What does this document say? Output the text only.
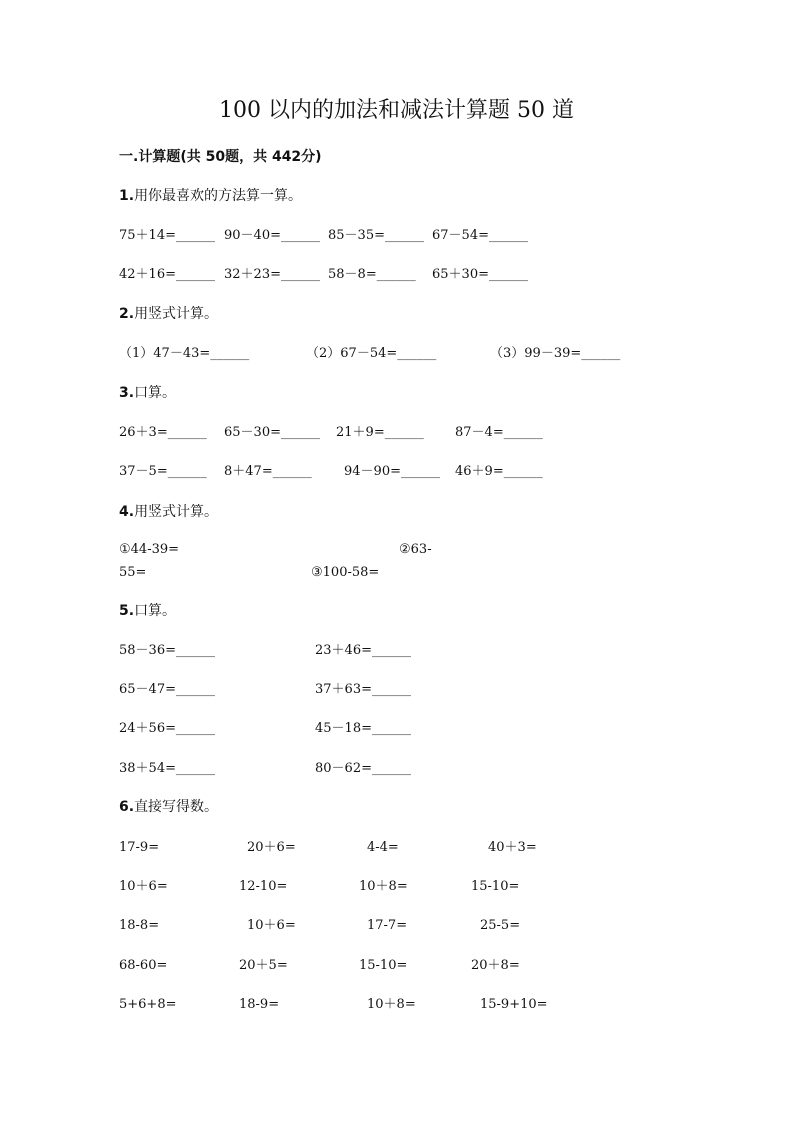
100 以内的加法和减法计算题 50 道
一.计算题(共 50题，共 442分)
1.用你最喜欢的方法算一算。
75＋14=______ 90－40=______ 85－35=______ 67－54=______
42＋16=______ 32＋23=______ 58－8=______ 65＋30=______
2.用竖式计算。
（1）47－43=______	（2）67－54=______	（3）99－39=______
3.口算。
26＋3=______ 65－30=______ 21＋9=______ 87－4=______
37－5=______ 8＋47=______ 94－90=______ 46＋9=______
4.用竖式计算。
①44-39=	②63-
55=	③100-58=
5.口算。
58－36=______	23＋46=______
65－47=______	37＋63=______
24＋56=______	45－18=______
38＋54=______	80－62=______
6.直接写得数。
17-9=	20＋6=	4-4=	40＋3=
10＋6=	12-10=	10＋8=	15-10=
18-8=	10＋6=	17-7=	25-5=
68-60=	20＋5=	15-10=	20＋8=
5+6+8=	18-9=	10＋8=	15-9+10=
